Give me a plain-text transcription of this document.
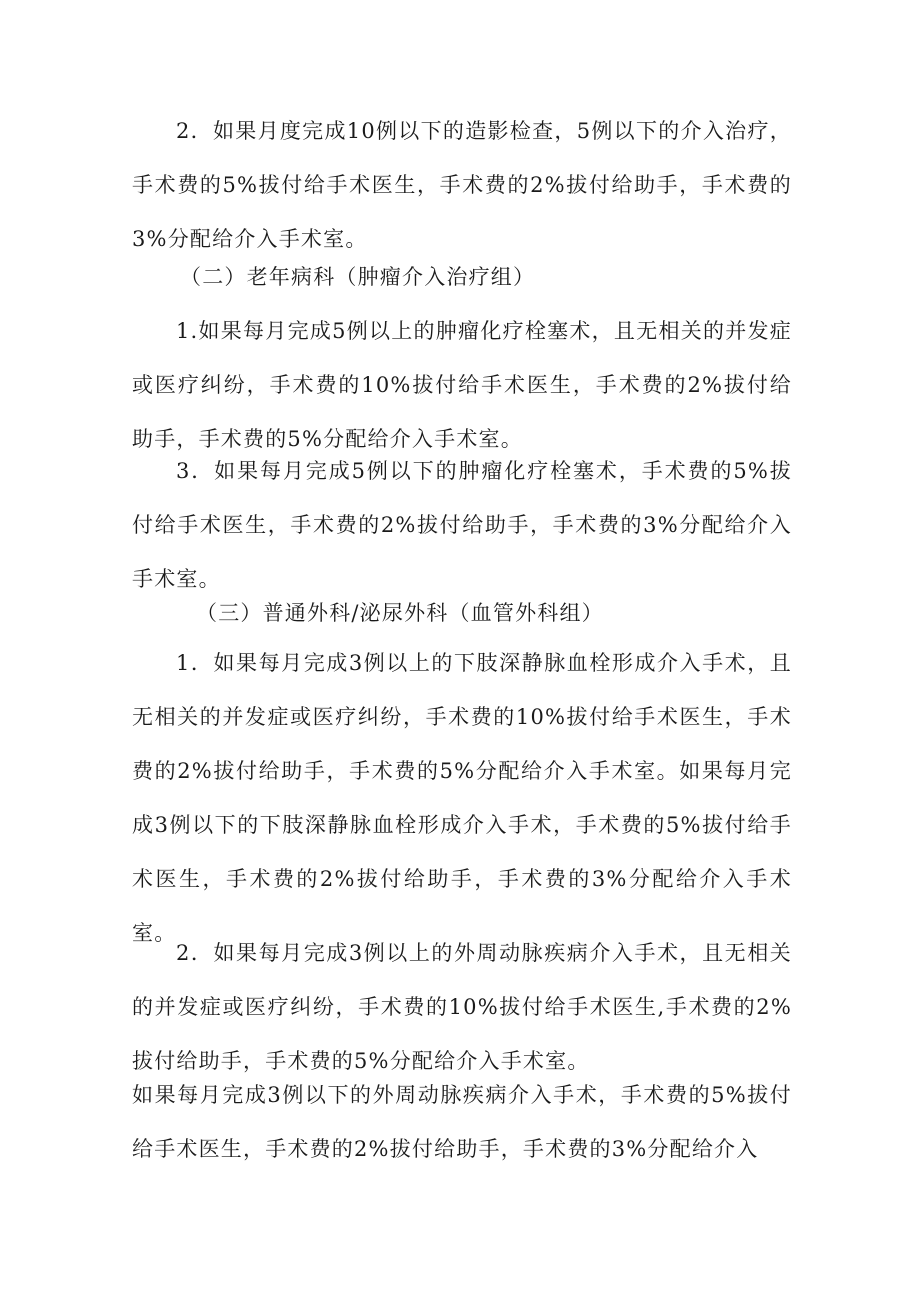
2．如果月度完成10例以下的造影检查，5例以下的介入治疗，手术费的5%拔付给手术医生，手术费的2%拔付给助手，手术费的3%分配给介入手术室。

（二）老年病科（肿瘤介入治疗组）

1.如果每月完成5例以上的肿瘤化疗栓塞术，且无相关的并发症或医疗纠纷，手术费的10%拔付给手术医生，手术费的2%拔付给助手，手术费的5%分配给介入手术室。

3．如果每月完成5例以下的肿瘤化疗栓塞术，手术费的5%拔付给手术医生，手术费的2%拔付给助手，手术费的3%分配给介入手术室。

（三）普通外科/泌尿外科（血管外科组）

1．如果每月完成3例以上的下肢深静脉血栓形成介入手术，且无相关的并发症或医疗纠纷，手术费的10%拔付给手术医生，手术费的2%拔付给助手，手术费的5%分配给介入手术室。如果每月完成3例以下的下肢深静脉血栓形成介入手术，手术费的5%拔付给手术医生，手术费的2%拔付给助手，手术费的3%分配给介入手术室。

2．如果每月完成3例以上的外周动脉疾病介入手术，且无相关的并发症或医疗纠纷，手术费的10%拔付给手术医生,手术费的2%拔付给助手，手术费的5%分配给介入手术室。

如果每月完成3例以下的外周动脉疾病介入手术，手术费的5%拔付给手术医生，手术费的2%拔付给助手，手术费的3%分配给介入
